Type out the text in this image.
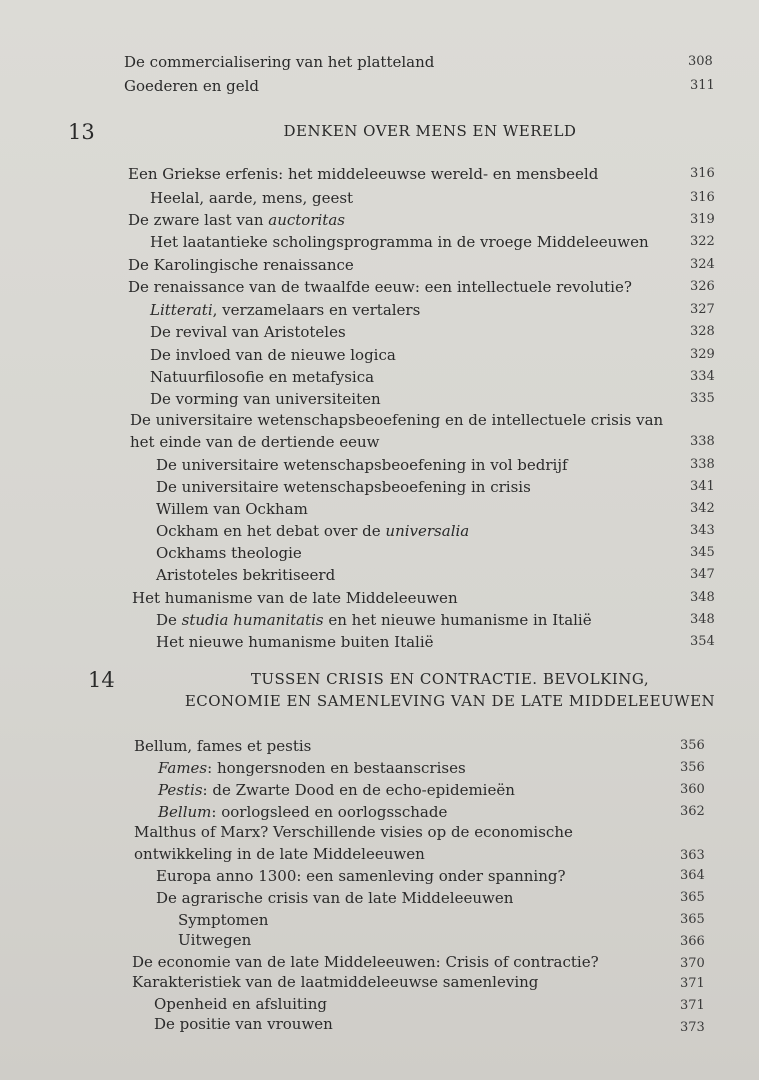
De commercialisering van het platteland	308
Goederen en geld	311
13	DENKEN OVER MENS EN WERELD
Een Griekse erfenis: het middeleeuwse wereld- en mensbeeld	316
Heelal, aarde, mens, geest	316
De zware last van auctoritas	319
Het laatantieke scholingsprogramma in de vroege Middeleeuwen	322
De Karolingische renaissance	324
De renaissance van de twaalfde eeuw: een intellectuele revolutie?	326
Litterati, verzamelaars en vertalers	327
De revival van Aristoteles	328
De invloed van de nieuwe logica	329
Natuurfilosofie en metafysica	334
De vorming van universiteiten	335
De universitaire wetenschapsbeoefening en de intellectuele crisis van
het einde van de dertiende eeuw	338
De universitaire wetenschapsbeoefening in vol bedrijf	338
De universitaire wetenschapsbeoefening in crisis	341
Willem van Ockham	342
Ockham en het debat over de universalia	343
Ockhams theologie	345
Aristoteles bekritiseerd	347
Het humanisme van de late Middeleeuwen	348
De studia humanitatis en het nieuwe humanisme in Italië	348
Het nieuwe humanisme buiten Italië	354
14	TUSSEN CRISIS EN CONTRACTIE. BEVOLKING,
ECONOMIE EN SAMENLEVING VAN DE LATE MIDDELEEUWEN
Bellum, fames et pestis	356
Fames: hongersnoden en bestaanscrises	356
Pestis: de Zwarte Dood en de echo-epidemieën	360
Bellum: oorlogsleed en oorlogsschade	362
Malthus of Marx? Verschillende visies op de economische
ontwikkeling in de late Middeleeuwen	363
Europa anno 1300: een samenleving onder spanning?	364
De agrarische crisis van de late Middeleeuwen	365
Symptomen	365
Uitwegen	366
De economie van de late Middeleeuwen: Crisis of contractie?	370
Karakteristiek van de laatmiddeleeuwse samenleving	371
Openheid en afsluiting	371
De positie van vrouwen	373
